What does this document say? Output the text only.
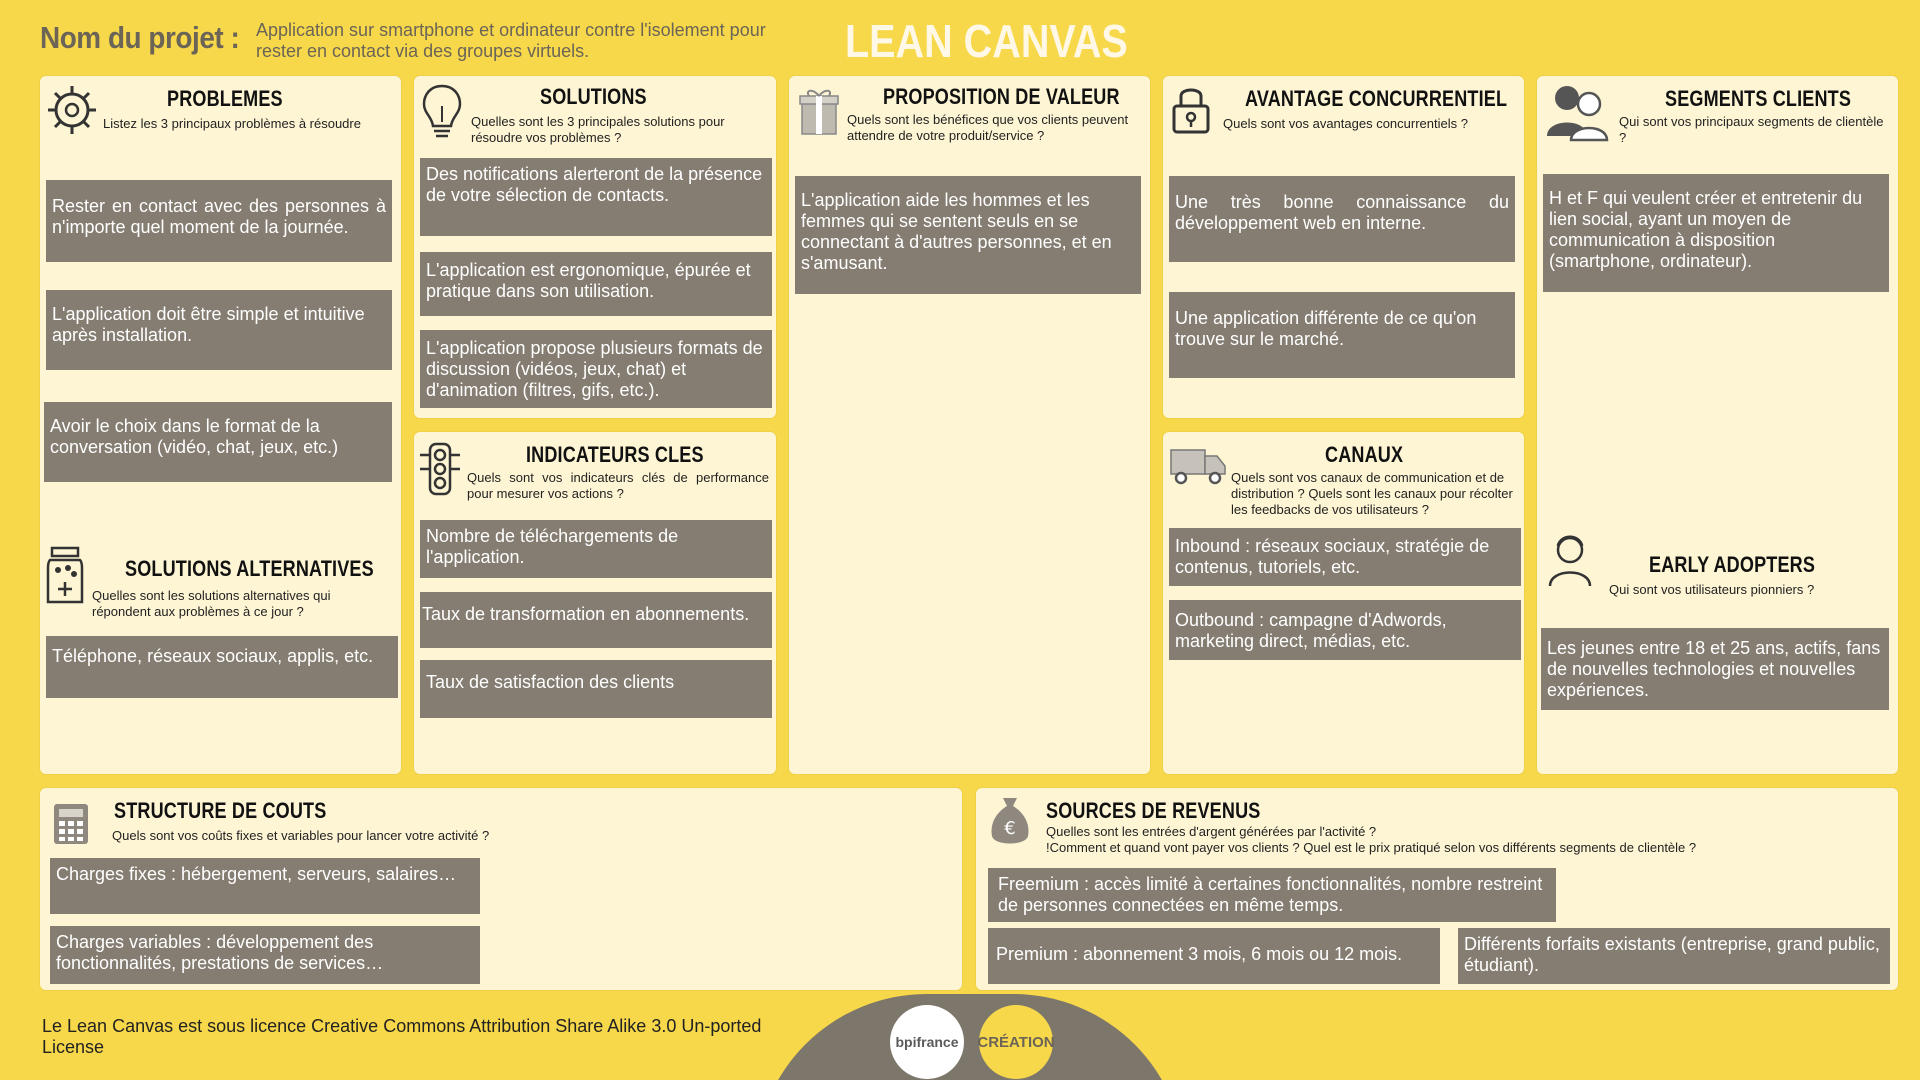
Nom du projet : Application sur smartphone et ordinateur contre l'isolement pour rester en contact via des groupes virtuels.	LEAN CANVAS
PROBLEMES
Listez les 3 principaux problèmes à résoudre
Rester en contact avec des personnes à n'importe quel moment de la journée.
L'application doit être simple et intuitive après installation.
Avoir le choix dans le format de la conversation (vidéo, chat, jeux, etc.)
SOLUTIONS ALTERNATIVES
Quelles sont les solutions alternatives qui répondent aux problèmes à ce jour ?
Téléphone, réseaux sociaux, applis, etc.
SOLUTIONS
Quelles sont les 3 principales solutions pour résoudre vos problèmes ?
Des notifications alerteront de la présence de votre sélection de contacts.
L'application est ergonomique, épurée et pratique dans son utilisation.
L'application propose plusieurs formats de discussion (vidéos, jeux, chat) et d'animation (filtres, gifs, etc.).
INDICATEURS CLES
Quels sont vos indicateurs clés de performance pour mesurer vos actions ?
Nombre de téléchargements de l'application.
Taux de transformation en abonnements.
Taux de satisfaction des clients
PROPOSITION DE VALEUR
Quels sont les bénéfices que vos clients peuvent attendre de votre produit/service ?
L'application aide les hommes et les femmes qui se sentent seuls en se connectant à d'autres personnes, et en s'amusant.
AVANTAGE CONCURRENTIEL
Quels sont vos avantages concurrentiels ?
Une très bonne connaissance du développement web en interne.
Une application différente de ce qu'on trouve sur le marché.
CANAUX
Quels sont vos canaux de communication et de distribution ? Quels sont les canaux pour récolter les feedbacks de vos utilisateurs ?
Inbound : réseaux sociaux, stratégie de contenus, tutoriels, etc.
Outbound : campagne d'Adwords, marketing direct, médias, etc.
SEGMENTS CLIENTS
Qui sont vos principaux segments de clientèle ?
H et F qui veulent créer et entretenir du lien social, ayant un moyen de communication à disposition (smartphone, ordinateur).
EARLY ADOPTERS
Qui sont vos utilisateurs pionniers ?
Les jeunes entre 18 et 25 ans, actifs, fans de nouvelles technologies et nouvelles expériences.
STRUCTURE DE COUTS
Quels sont vos coûts fixes et variables pour lancer votre activité ?
Charges fixes : hébergement, serveurs, salaires…
Charges variables : développement des fonctionnalités, prestations de services…
€
SOURCES DE REVENUS
Quelles sont les entrées d'argent générées par l'activité ?
!Comment et quand vont payer vos clients ? Quel est le prix pratiqué selon vos différents segments de clientèle ?
Freemium : accès limité à certaines fonctionnalités, nombre restreint de personnes connectées en même temps.
Premium : abonnement 3 mois, 6 mois ou 12 mois.	Différents forfaits existants (entreprise, grand public, étudiant).
Le Lean Canvas est sous licence Creative Commons Attribution Share Alike 3.0 Un-ported License	bpifrance	CRÉATION
